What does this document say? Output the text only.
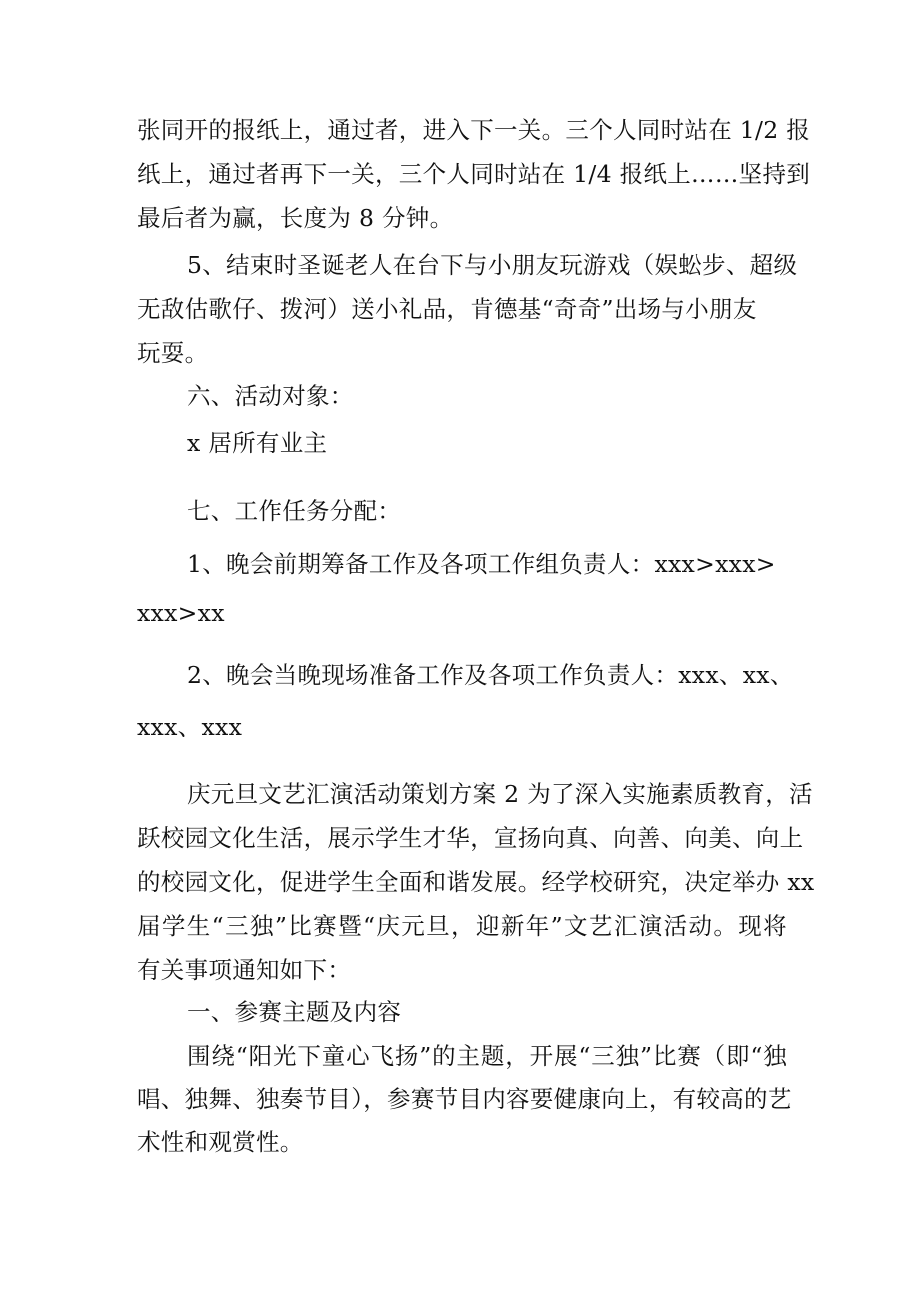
张同开的报纸上，通过者，进入下一关。三个人同时站在 1/2 报
纸上，通过者再下一关，三个人同时站在 1/4 报纸上……坚持到
最后者为赢，长度为 8 分钟。
5、结束时圣诞老人在台下与小朋友玩游戏（娱蚣步、超级
无敌估歌仔、拨河）送小礼品，肯德基“奇奇”出场与小朋友
玩耍。
六、活动对象：
x 居所有业主
七、工作任务分配：
1、晚会前期筹备工作及各项工作组负责人：xxx>xxx>
xxx>xx
2、晚会当晚现场准备工作及各项工作负责人：xxx、xx、
xxx、xxx
庆元旦文艺汇演活动策划方案 2 为了深入实施素质教育，活
跃校园文化生活，展示学生才华，宣扬向真、向善、向美、向上
的校园文化，促进学生全面和谐发展。经学校研究，决定举办 xx
届学生“三独”比赛暨“庆元旦，迎新年”文艺汇演活动。现将
有关事项通知如下：
一、参赛主题及内容
围绕“阳光下童心飞扬”的主题，开展“三独”比赛（即“独
唱、独舞、独奏节目），参赛节目内容要健康向上，有较高的艺
术性和观赏性。
